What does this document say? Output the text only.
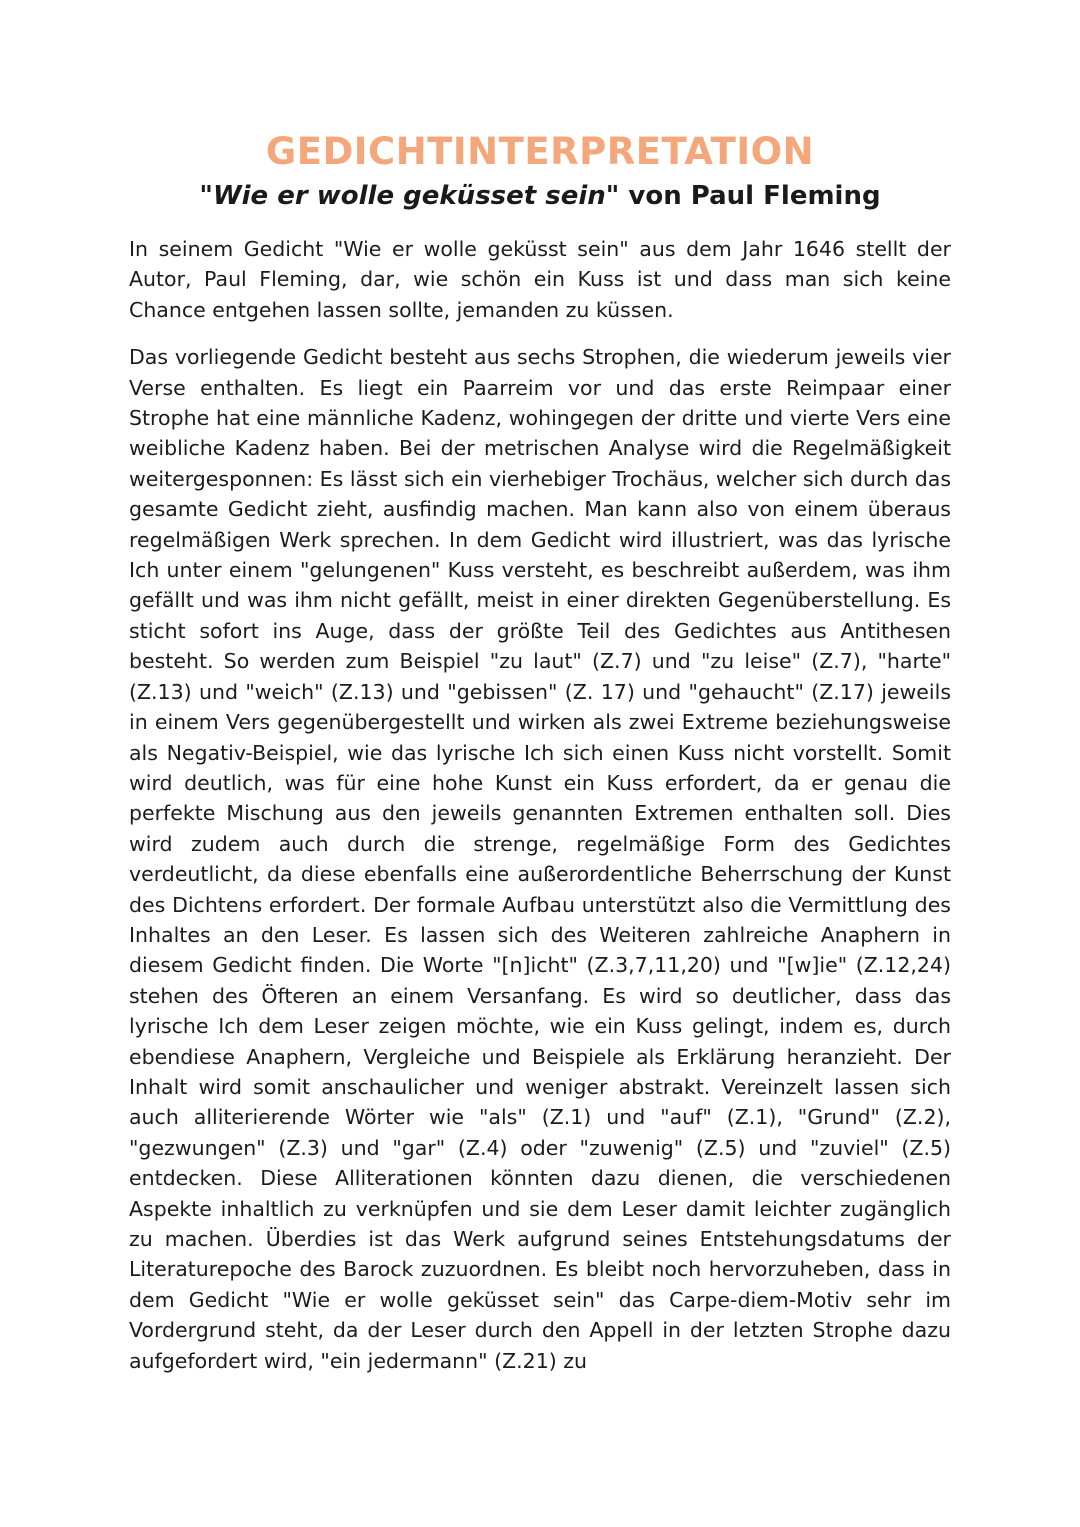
GEDICHTINTERPRETATION
"Wie er wolle geküsset sein" von Paul Fleming

In seinem Gedicht "Wie er wolle geküsst sein" aus dem Jahr 1646 stellt der Autor, Paul Fleming, dar, wie schön ein Kuss ist und dass man sich keine Chance entgehen lassen sollte, jemanden zu küssen.

Das vorliegende Gedicht besteht aus sechs Strophen, die wiederum jeweils vier Verse enthalten. Es liegt ein Paarreim vor und das erste Reimpaar einer Strophe hat eine männliche Kadenz, wohingegen der dritte und vierte Vers eine weibliche Kadenz haben. Bei der metrischen Analyse wird die Regelmäßigkeit weitergesponnen: Es lässt sich ein vierhebiger Trochäus, welcher sich durch das gesamte Gedicht zieht, ausfindig machen. Man kann also von einem überaus regelmäßigen Werk sprechen. In dem Gedicht wird illustriert, was das lyrische Ich unter einem "gelungenen" Kuss versteht, es beschreibt außerdem, was ihm gefällt und was ihm nicht gefällt, meist in einer direkten Gegenüberstellung. Es sticht sofort ins Auge, dass der größte Teil des Gedichtes aus Antithesen besteht. So werden zum Beispiel "zu laut" (Z.7) und "zu leise" (Z.7), "harte" (Z.13) und "weich" (Z.13) und "gebissen" (Z. 17) und "gehaucht" (Z.17) jeweils in einem Vers gegenübergestellt und wirken als zwei Extreme beziehungsweise als Negativ-Beispiel, wie das lyrische Ich sich einen Kuss nicht vorstellt. Somit wird deutlich, was für eine hohe Kunst ein Kuss erfordert, da er genau die perfekte Mischung aus den jeweils genannten Extremen enthalten soll. Dies wird zudem auch durch die strenge, regelmäßige Form des Gedichtes verdeutlicht, da diese ebenfalls eine außerordentliche Beherrschung der Kunst des Dichtens erfordert. Der formale Aufbau unterstützt also die Vermittlung des Inhaltes an den Leser. Es lassen sich des Weiteren zahlreiche Anaphern in diesem Gedicht finden. Die Worte "[n]icht" (Z.3,7,11,20) und "[w]ie" (Z.12,24) stehen des Öfteren an einem Versanfang. Es wird so deutlicher, dass das lyrische Ich dem Leser zeigen möchte, wie ein Kuss gelingt, indem es, durch ebendiese Anaphern, Vergleiche und Beispiele als Erklärung heranzieht. Der Inhalt wird somit anschaulicher und weniger abstrakt. Vereinzelt lassen sich auch alliterierende Wörter wie "als" (Z.1) und "auf" (Z.1), "Grund" (Z.2), "gezwungen" (Z.3) und "gar" (Z.4) oder "zuwenig" (Z.5) und "zuviel" (Z.5) entdecken. Diese Alliterationen könnten dazu dienen, die verschiedenen Aspekte inhaltlich zu verknüpfen und sie dem Leser damit leichter zugänglich zu machen. Überdies ist das Werk aufgrund seines Entstehungsdatums der Literaturepoche des Barock zuzuordnen. Es bleibt noch hervorzuheben, dass in dem Gedicht "Wie er wolle geküsset sein" das Carpe-diem-Motiv sehr im Vordergrund steht, da der Leser durch den Appell in der letzten Strophe dazu aufgefordert wird, "ein jedermann" (Z.21) zu
